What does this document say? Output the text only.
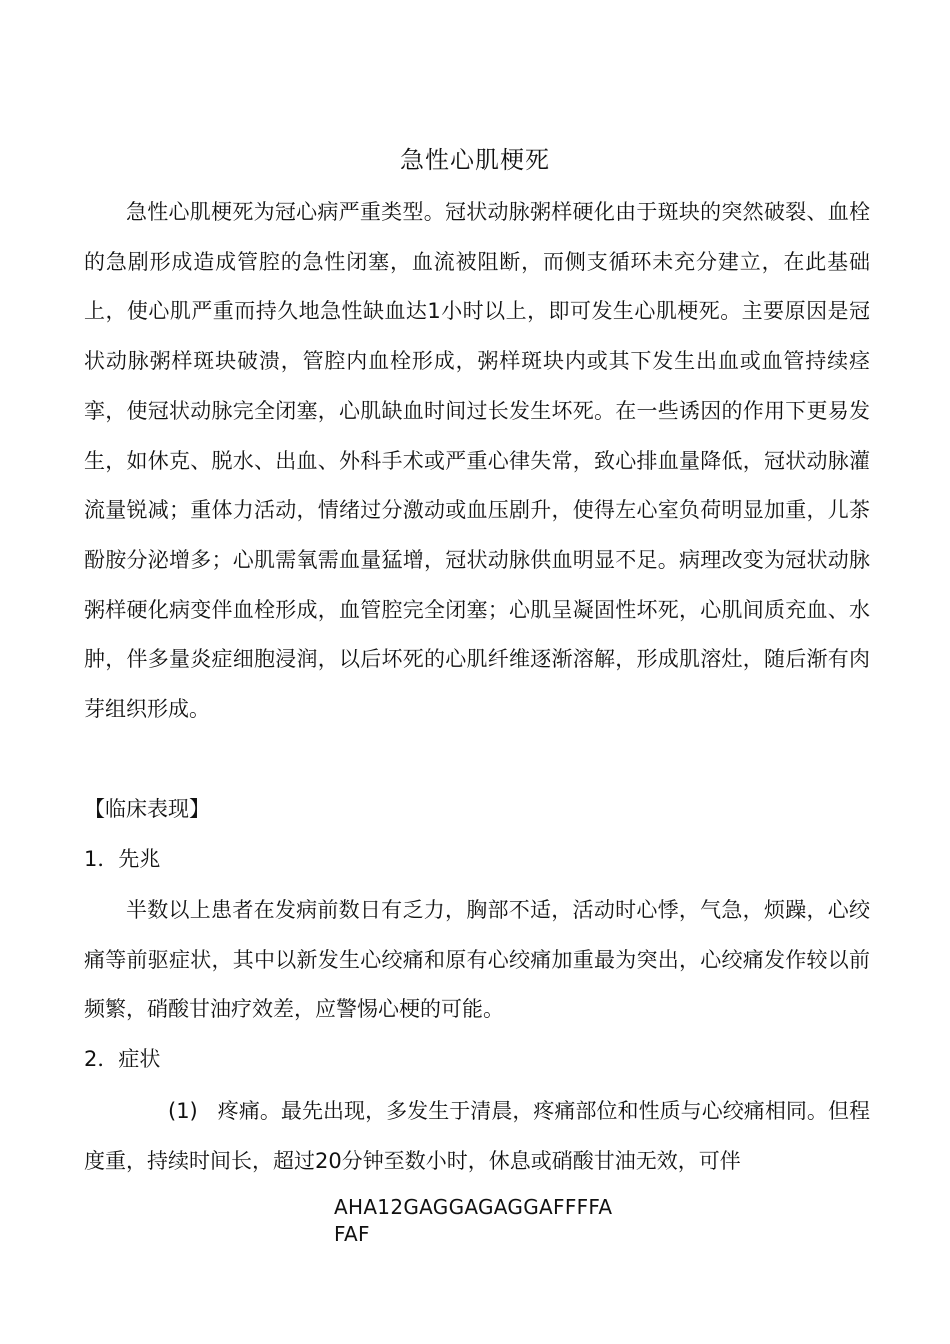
急性心肌梗死

急性心肌梗死为冠心病严重类型。冠状动脉粥样硬化由于斑块的突然破裂、血栓的急剧形成造成管腔的急性闭塞，血流被阻断，而侧支循环未充分建立，在此基础上，使心肌严重而持久地急性缺血达1小时以上，即可发生心肌梗死。主要原因是冠状动脉粥样斑块破溃，管腔内血栓形成，粥样斑块内或其下发生出血或血管持续痉挛，使冠状动脉完全闭塞，心肌缺血时间过长发生坏死。在一些诱因的作用下更易发生，如休克、脱水、出血、外科手术或严重心律失常，致心排血量降低，冠状动脉灌流量锐减；重体力活动，情绪过分激动或血压剧升，使得左心室负荷明显加重，儿茶酚胺分泌增多；心肌需氧需血量猛增，冠状动脉供血明显不足。病理改变为冠状动脉粥样硬化病变伴血栓形成，血管腔完全闭塞；心肌呈凝固性坏死，心肌间质充血、水肿，伴多量炎症细胞浸润，以后坏死的心肌纤维逐渐溶解，形成肌溶灶，随后渐有肉芽组织形成。

【临床表现】

1．先兆

半数以上患者在发病前数日有乏力，胸部不适，活动时心悸，气急，烦躁，心绞痛等前驱症状，其中以新发生心绞痛和原有心绞痛加重最为突出，心绞痛发作较以前频繁，硝酸甘油疗效差，应警惕心梗的可能。

2．症状

(1) 疼痛。最先出现，多发生于清晨，疼痛部位和性质与心绞痛相同。但程度重，持续时间长，超过20分钟至数小时，休息或硝酸甘油无效，可伴

AHA12GAGGAGAGGAFFFFAFAF
